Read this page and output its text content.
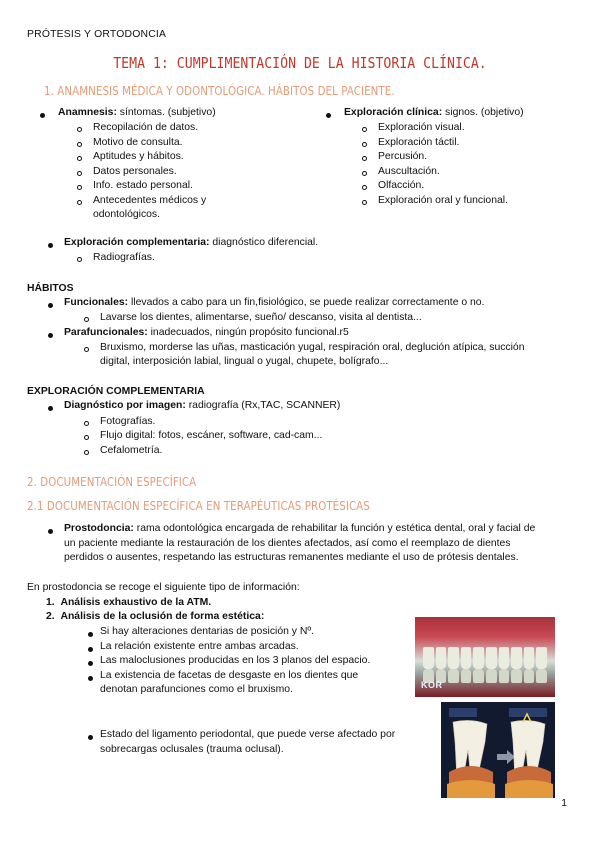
PRÓTESIS Y ORTODONCIA
TEMA 1: CUMPLIMENTACIÓN DE LA HISTORIA CLÍNICA.
1. ANAMNESIS MÉDICA Y ODONTOLÓGICA. HÁBITOS DEL PACIENTE.
Anamnesis: síntomas. (subjetivo)
Recopilación de datos.
Motivo de consulta.
Aptitudes y hábitos.
Datos personales.
Info. estado personal.
Antecedentes médicos y
odontológicos.
Exploración clínica: signos. (objetivo)
Exploración visual.
Exploración táctil.
Percusión.
Auscultación.
Olfacción.
Exploración oral y funcional.
Exploración complementaria: diagnóstico diferencial.
Radiografías.
HÁBITOS
Funcionales: llevados a cabo para un fin,fisiológico, se puede realizar correctamente o no.
Lavarse los dientes, alimentarse, sueño/ descanso, visita al dentista...
Parafuncionales: inadecuados, ningún propósito funcional.r5
Bruxismo, morderse las uñas, masticación yugal, respiración oral, deglución atípica, succión
digital, interposición labial, lingual o yugal, chupete, bolígrafo...
EXPLORACIÓN COMPLEMENTARIA
Diagnóstico por imagen: radiografía (Rx,TAC, SCANNER)
Fotografías.
Flujo digital: fotos, escáner, software, cad-cam...
Cefalometría.
2. DOCUMENTACIÓN ESPECÍFICA
2.1 DOCUMENTACIÓN ESPECÍFICA EN TERAPÉUTICAS PROTÉSICAS
Prostodoncia: rama odontológica encargada de rehabilitar la función y estética dental, oral y facial de
un paciente mediante la restauración de los dientes afectados, así como el reemplazo de dientes
perdidos o ausentes, respetando las estructuras remanentes mediante el uso de prótesis dentales.
En prostodoncia se recoge el siguiente tipo de información:
1. Análisis exhaustivo de la ATM.
2. Análisis de la oclusión de forma estética:
Si hay alteraciones dentarias de posición y Nº.
La relación existente entre ambas arcadas.
Las maloclusiones producidas en los 3 planos del espacio.
La existencia de facetas de desgaste en los dientes que
denotan parafunciones como el bruxismo.
Estado del ligamento periodontal, que puede verse afectado por
sobrecargas oclusales (trauma oclusal).
KOR
1
